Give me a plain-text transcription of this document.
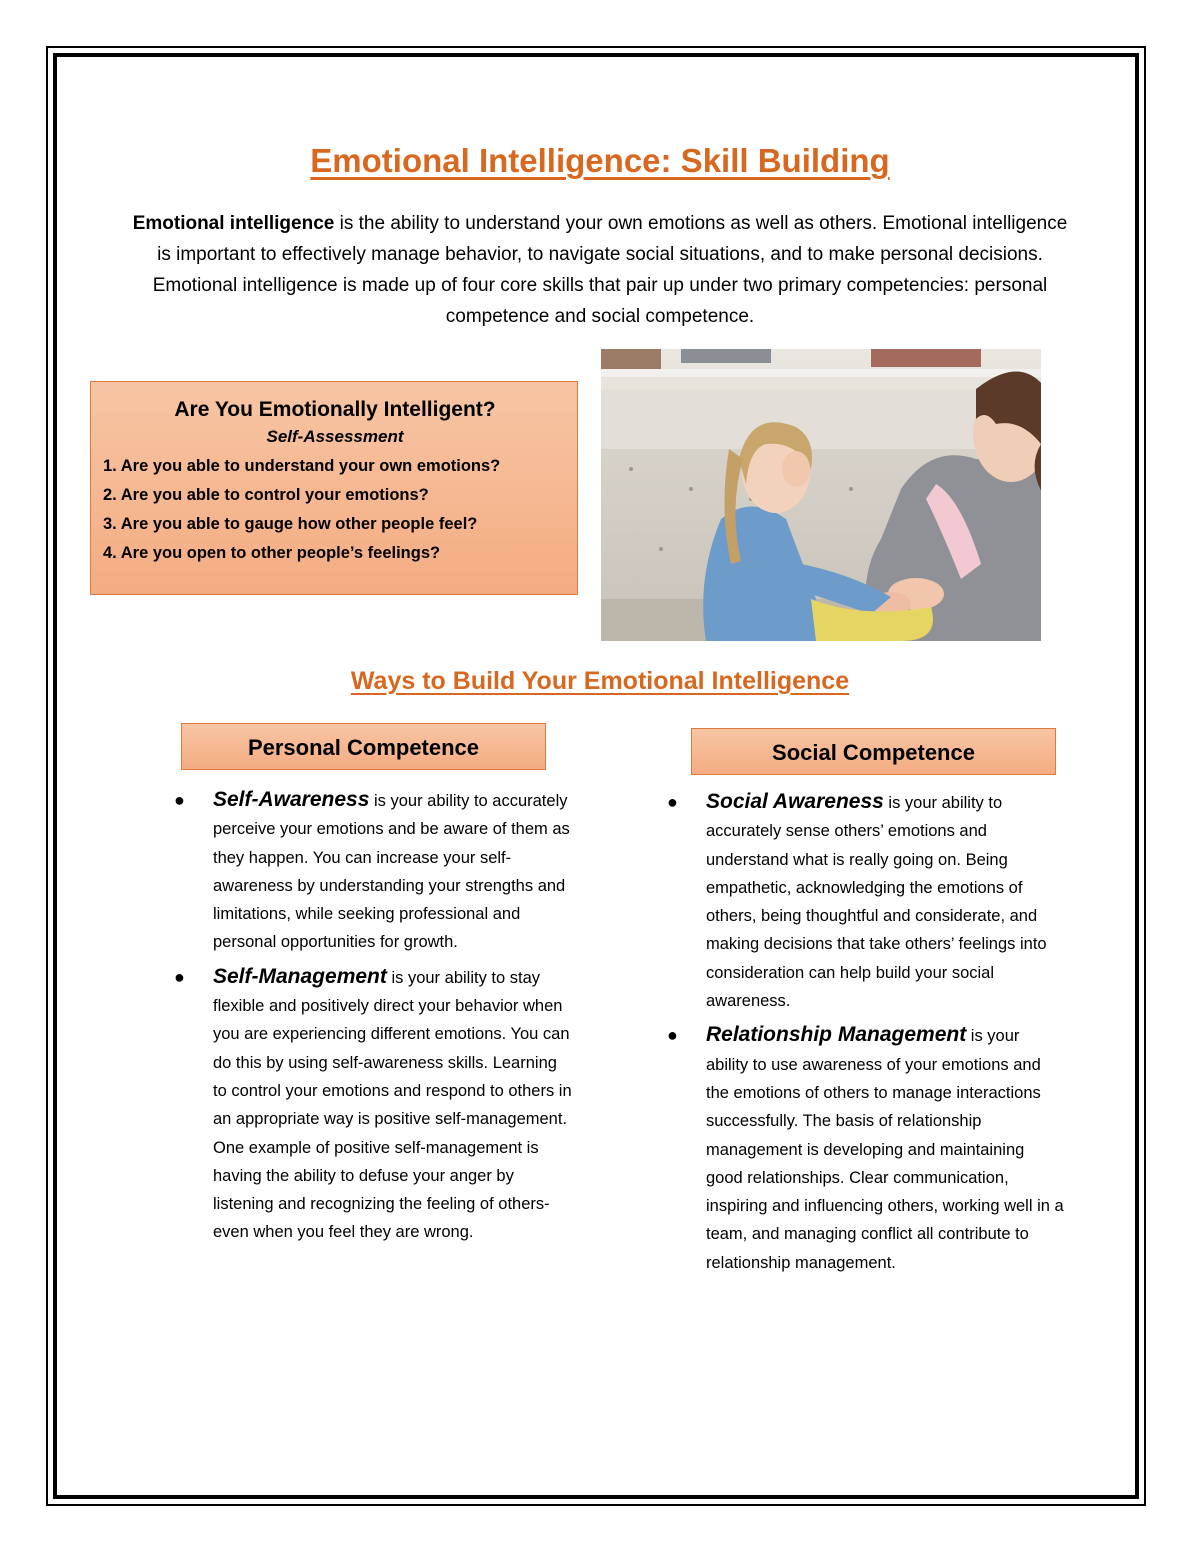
Emotional Intelligence: Skill Building
Emotional intelligence is the ability to understand your own emotions as well as others. Emotional intelligence is important to effectively manage behavior, to navigate social situations, and to make personal decisions. Emotional intelligence is made up of four core skills that pair up under two primary competencies: personal competence and social competence.
Are You Emotionally Intelligent?
Self-Assessment
1. Are you able to understand your own emotions?
2. Are you able to control your emotions?
3. Are you able to gauge how other people feel?
4. Are you open to other people’s feelings?
Ways to Build Your Emotional Intelligence
Personal Competence	Social Competence
● Self-Awareness is your ability to accurately perceive your emotions and be aware of them as they happen. You can increase your self-awareness by understanding your strengths and limitations, while seeking professional and personal opportunities for growth.
● Self-Management is your ability to stay flexible and positively direct your behavior when you are experiencing different emotions. You can do this by using self-awareness skills. Learning to control your emotions and respond to others in an appropriate way is positive self-management. One example of positive self-management is having the ability to defuse your anger by listening and recognizing the feeling of others- even when you feel they are wrong.
● Social Awareness is your ability to accurately sense others’ emotions and understand what is really going on. Being empathetic, acknowledging the emotions of others, being thoughtful and considerate, and making decisions that take others’ feelings into consideration can help build your social awareness.
● Relationship Management is your ability to use awareness of your emotions and the emotions of others to manage interactions successfully. The basis of relationship management is developing and maintaining good relationships. Clear communication, inspiring and influencing others, working well in a team, and managing conflict all contribute to relationship management.
